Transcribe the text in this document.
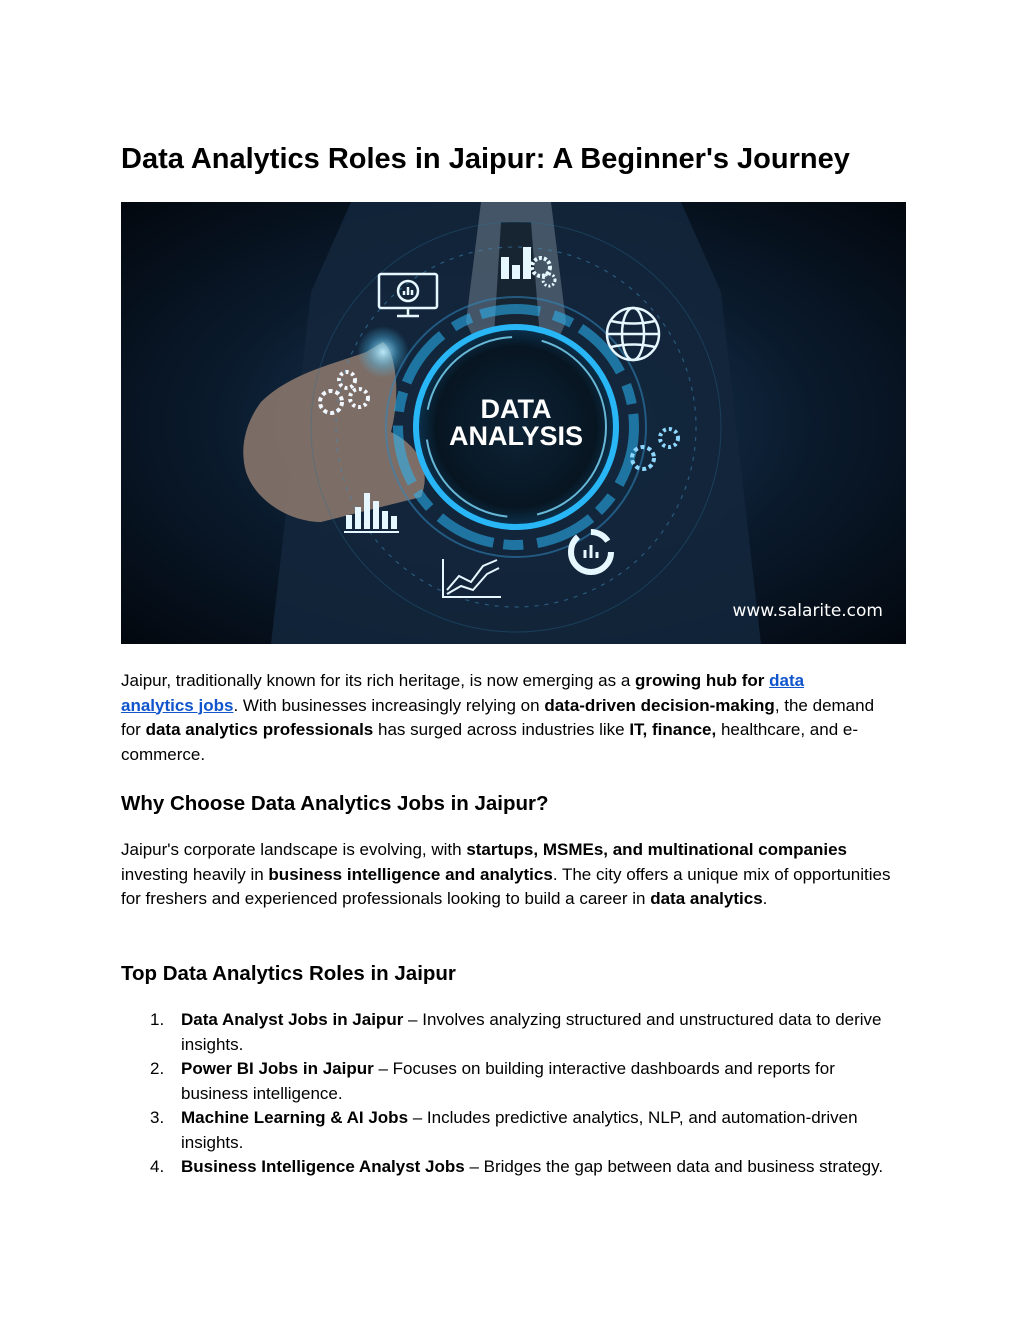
Data Analytics Roles in Jaipur: A Beginner's Journey
DATA
ANALYSIS
www.salarite.com

Jaipur, traditionally known for its rich heritage, is now emerging as a growing hub for data analytics jobs. With businesses increasingly relying on data-driven decision-making, the demand for data analytics professionals has surged across industries like IT, finance, healthcare, and e-commerce.

Why Choose Data Analytics Jobs in Jaipur?

Jaipur's corporate landscape is evolving, with startups, MSMEs, and multinational companies investing heavily in business intelligence and analytics. The city offers a unique mix of opportunities for freshers and experienced professionals looking to build a career in data analytics.

Top Data Analytics Roles in Jaipur
1. Data Analyst Jobs in Jaipur – Involves analyzing structured and unstructured data to derive insights.
2. Power BI Jobs in Jaipur – Focuses on building interactive dashboards and reports for business intelligence.
3. Machine Learning & AI Jobs – Includes predictive analytics, NLP, and automation-driven insights.
4. Business Intelligence Analyst Jobs – Bridges the gap between data and business strategy.
